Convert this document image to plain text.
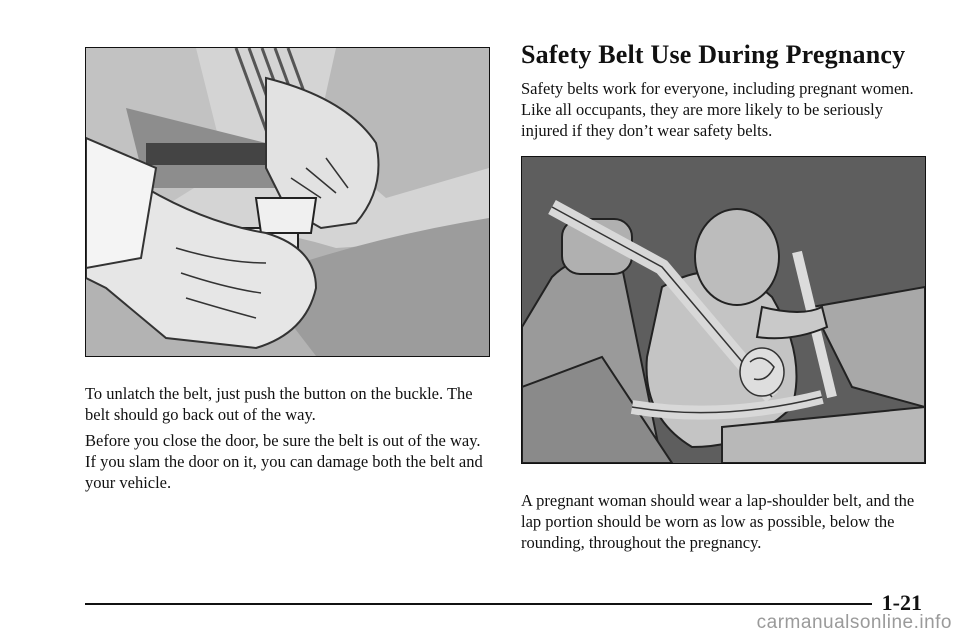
To unlatch the belt, just push the button on the buckle. The belt should go back out of the way.

Before you close the door, be sure the belt is out of the way. If you slam the door on it, you can damage both the belt and your vehicle.

Safety Belt Use During Pregnancy

Safety belts work for everyone, including pregnant women. Like all occupants, they are more likely to be seriously injured if they don’t wear safety belts.

A pregnant woman should wear a lap-shoulder belt, and the lap portion should be worn as low as possible, below the rounding, throughout the pregnancy.

1-21
carmanualsonline.info
